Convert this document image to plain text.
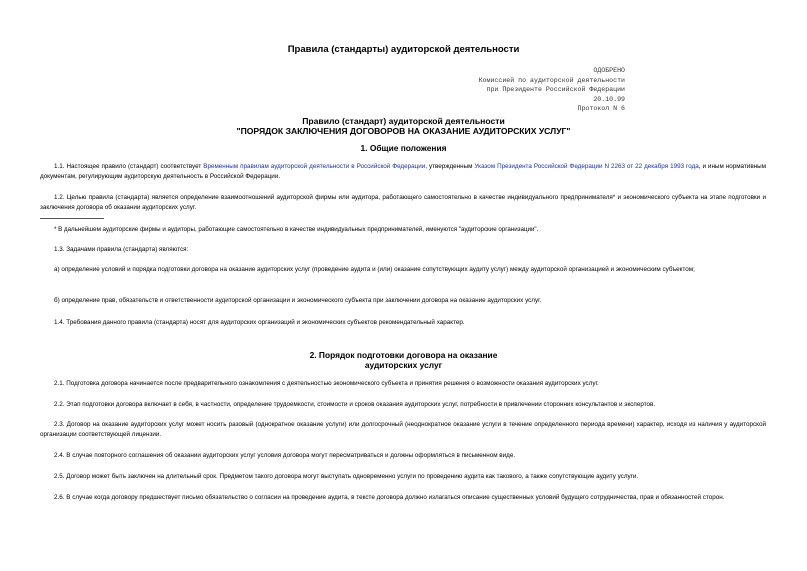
Правила (стандарты) аудиторской деятельности
ОДОБРЕНО
Комиссией по аудиторской деятельности
при Президенте Российской Федерации
20.10.99
Протокол N 6
Правило (стандарт) аудиторской деятельности
"ПОРЯДОК ЗАКЛЮЧЕНИЯ ДОГОВОРОВ НА ОКАЗАНИЕ АУДИТОРСКИХ УСЛУГ"
1. Общие положения
1.1. Настоящее правило (стандарт) соответствует Временным правилам аудиторской деятельности в Российской Федерации, утвержденным Указом Президента Российской Федерации N 2263 от 22 декабря 1993 года, и иным нормативным документам, регулирующим аудиторскую деятельность в Российской Федерации.
1.2. Целью правила (стандарта) является определение взаимоотношений аудиторской фирмы или аудитора, работающего самостоятельно в качестве индивидуального предпринимателя* и экономического субъекта на этапе подготовки и заключения договора об оказании аудиторских услуг.
* В дальнейшем аудиторские фирмы и аудиторы, работающие самостоятельно в качестве индивидуальных предпринимателей, именуются "аудиторские организации".
1.3. Задачами правила (стандарта) являются:
а) определение условий и порядка подготовки договора на оказание аудиторских услуг (проведение аудита и (или) оказание сопутствующих аудиту услуг) между аудиторской организацией и экономическим субъектом;
б) определение прав, обязательств и ответственности аудиторской организации и экономического субъекта при заключении договора на оказание аудиторских услуг.
1.4. Требования данного правила (стандарта) носят для аудиторских организаций и экономических субъектов рекомендательный характер.
2. Порядок подготовки договора на оказание
аудиторских услуг
2.1. Подготовка договора начинается после предварительного ознакомления с деятельностью экономического субъекта и принятия решения о возможности оказания аудиторских услуг.
2.2. Этап подготовки договора включает в себя, в частности, определение трудоемкости, стоимости и сроков оказания аудиторских услуг, потребности в привлечении сторонних консультантов и экспертов.
2.3. Договор на оказание аудиторских услуг может носить разовый (однократное оказание услуги) или долгосрочный (неоднократное оказание услуги в течение определенного периода времени) характер, исходя из наличия у аудиторской организации соответствующей лицензии.
2.4. В случае повторного соглашения об оказании аудиторских услуг условия договора могут пересматриваться и должны оформляться в письменном виде.
2.5. Договор может быть заключен на длительный срок. Предметом такого договора могут выступать одновременно услуги по проведению аудита как такового, а также сопутствующие аудиту услуги.
2.6. В случае когда договору предшествует письмо обязательство о согласии на проведение аудита, в тексте договора должно излагаться описание существенных условий будущего сотрудничества, прав и обязанностей сторон.
